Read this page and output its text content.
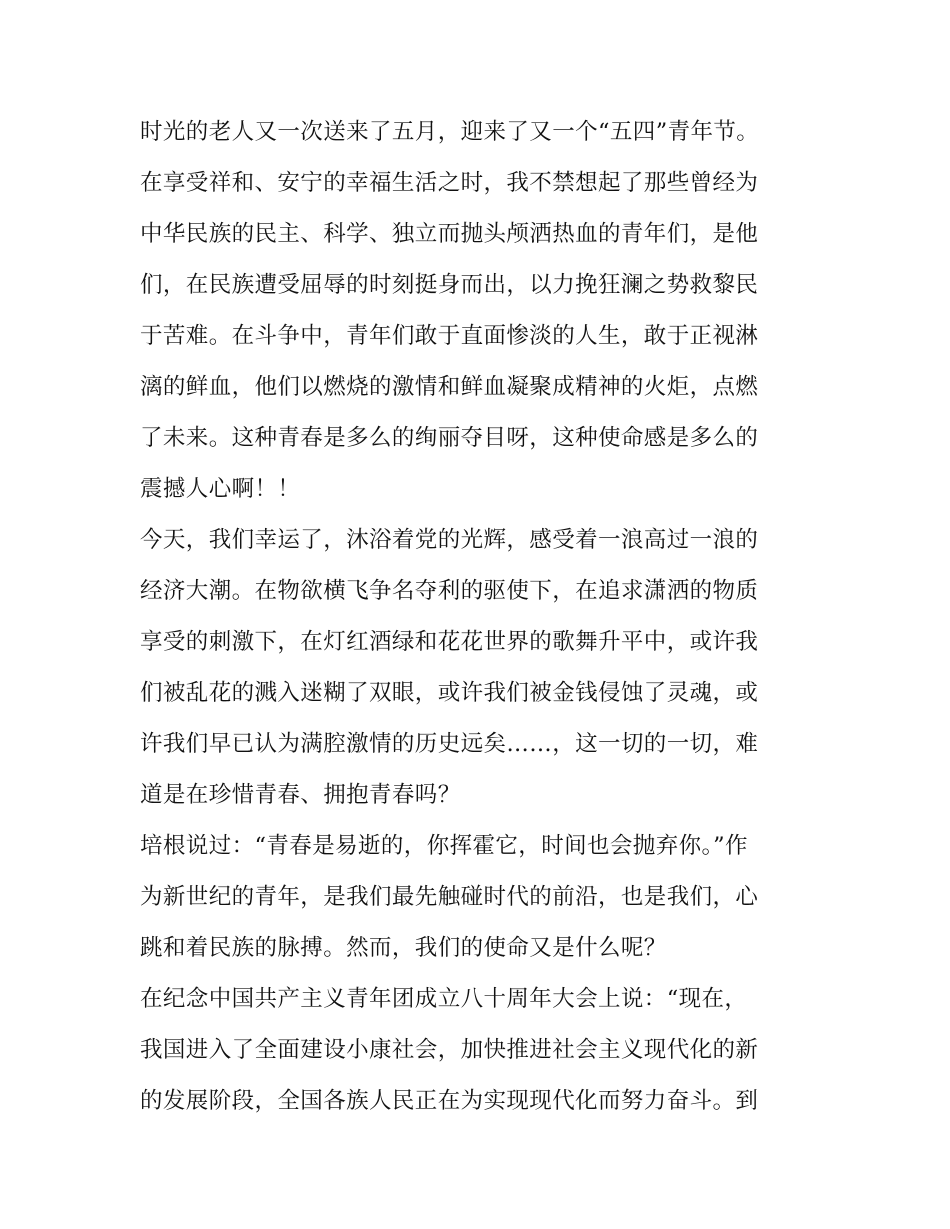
时光的老人又一次送来了五月，迎来了又一个“五四”青年节。
在享受祥和、安宁的幸福生活之时，我不禁想起了那些曾经为
中华民族的民主、科学、独立而抛头颅洒热血的青年们，是他
们，在民族遭受屈辱的时刻挺身而出，以力挽狂澜之势救黎民
于苦难。在斗争中，青年们敢于直面惨淡的人生，敢于正视淋
漓的鲜血，他们以燃烧的激情和鲜血凝聚成精神的火炬，点燃
了未来。这种青春是多么的绚丽夺目呀，这种使命感是多么的
震撼人心啊！！
今天，我们幸运了，沐浴着党的光辉，感受着一浪高过一浪的
经济大潮。在物欲横飞争名夺利的驱使下，在追求潇洒的物质
享受的刺激下，在灯红酒绿和花花世界的歌舞升平中，或许我
们被乱花的溅入迷糊了双眼，或许我们被金钱侵蚀了灵魂，或
许我们早已认为满腔激情的历史远矣……，这一切的一切，难
道是在珍惜青春、拥抱青春吗？
培根说过：“青春是易逝的，你挥霍它，时间也会抛弃你。”作
为新世纪的青年，是我们最先触碰时代的前沿，也是我们，心
跳和着民族的脉搏。然而，我们的使命又是什么呢？
在纪念中国共产主义青年团成立八十周年大会上说：“现在，
我国进入了全面建设小康社会，加快推进社会主义现代化的新
的发展阶段，全国各族人民正在为实现现代化而努力奋斗。到
